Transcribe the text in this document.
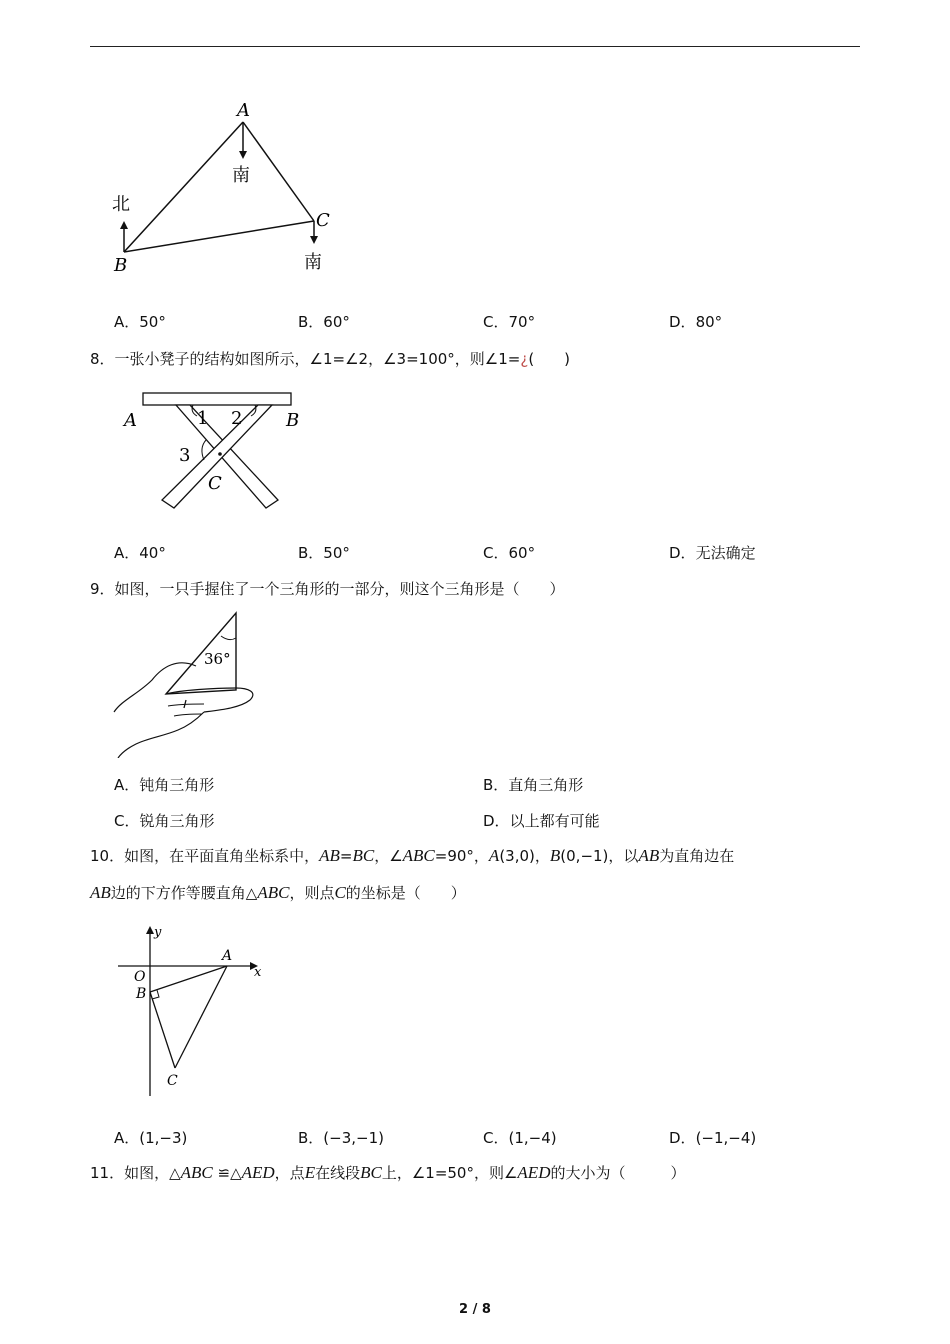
A
南
C
南
北
B
A．50°	B．60°	C．70°	D．80°
8．一张小凳子的结构如图所示，∠1=∠2，∠3=100°，则∠1=¿(　　)
A	1 2 B
3
C
A．40°	B．50°	C．60°	D．无法确定
9．如图，一只手握住了一个三角形的一部分，则这个三角形是（　　）
36°
A．钝角三角形	B．直角三角形
C．锐角三角形	D．以上都有可能
10．如图，在平面直角坐标系中，AB=BC，∠ABC=90°，A(3,0)，B(0,−1)，以AB为直角边在
AB边的下方作等腰直角△ABC，则点C的坐标是（　　）
y
x
O
A
B
C
A．(1,−3)	B．(−3,−1)	C．(1,−4)	D．(−1,−4)
11．如图，△ABC ≌△AED，点E在线段BC上，∠1=50°，则∠AED的大小为（　　　）
2 / 8
